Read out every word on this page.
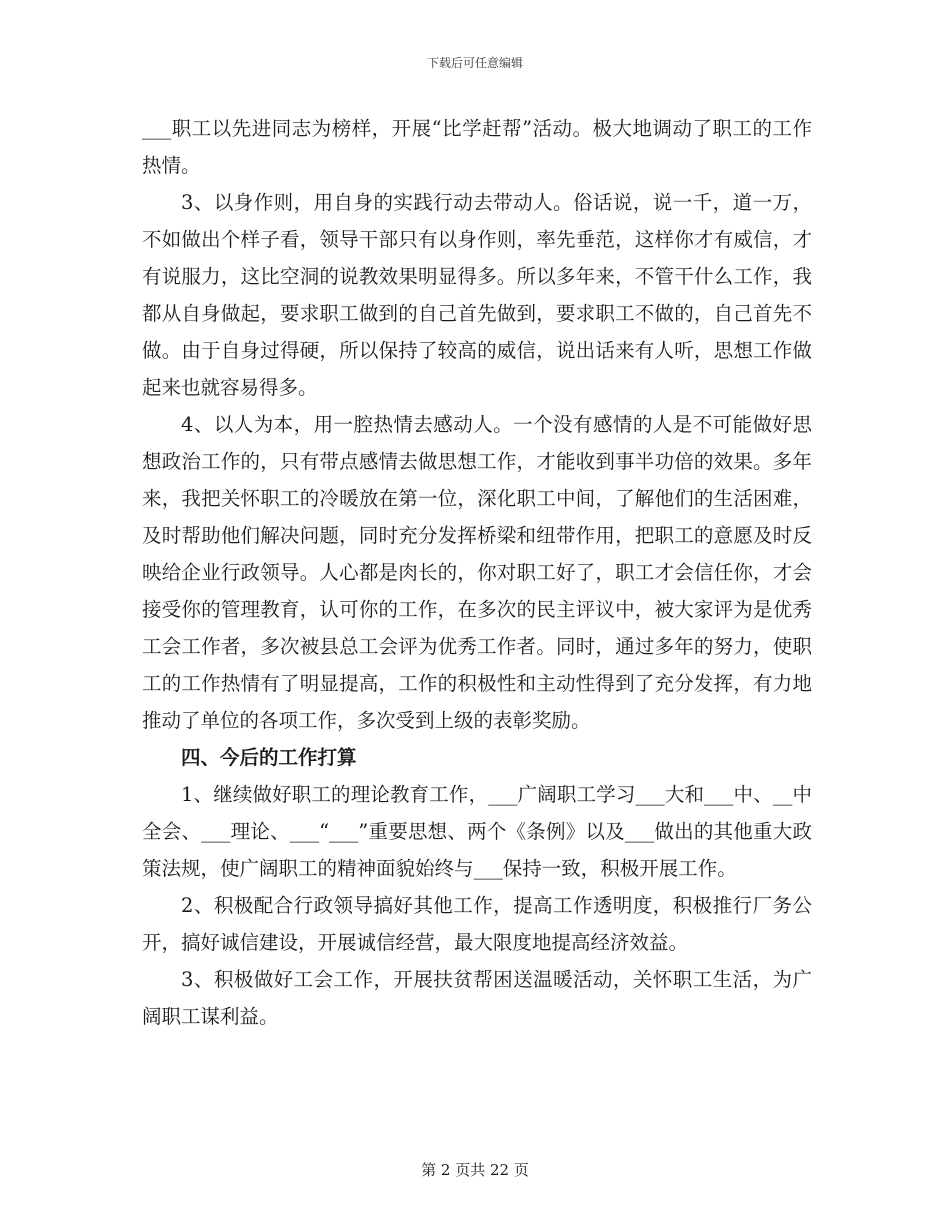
下载后可任意编辑

___职工以先进同志为榜样，开展“比学赶帮”活动。极大地调动了职工的工作热情。

3、以身作则，用自身的实践行动去带动人。俗话说，说一千，道一万，不如做出个样子看，领导干部只有以身作则，率先垂范，这样你才有威信，才有说服力，这比空洞的说教效果明显得多。所以多年来，不管干什么工作，我都从自身做起，要求职工做到的自己首先做到，要求职工不做的，自己首先不做。由于自身过得硬，所以保持了较高的威信，说出话来有人听，思想工作做起来也就容易得多。

4、以人为本，用一腔热情去感动人。一个没有感情的人是不可能做好思想政治工作的，只有带点感情去做思想工作，才能收到事半功倍的效果。多年来，我把关怀职工的冷暖放在第一位，深化职工中间，了解他们的生活困难，及时帮助他们解决问题，同时充分发挥桥梁和纽带作用，把职工的意愿及时反映给企业行政领导。人心都是肉长的，你对职工好了，职工才会信任你，才会接受你的管理教育，认可你的工作，在多次的民主评议中，被大家评为是优秀工会工作者，多次被县总工会评为优秀工作者。同时，通过多年的努力，使职工的工作热情有了明显提高，工作的积极性和主动性得到了充分发挥，有力地推动了单位的各项工作，多次受到上级的表彰奖励。

四、今后的工作打算

1、继续做好职工的理论教育工作，___广阔职工学习___大和___中、__中全会、___理论、___“___”重要思想、两个《条例》以及___做出的其他重大政策法规，使广阔职工的精神面貌始终与___保持一致，积极开展工作。

2、积极配合行政领导搞好其他工作，提高工作透明度，积极推行厂务公开，搞好诚信建设，开展诚信经营，最大限度地提高经济效益。

3、积极做好工会工作，开展扶贫帮困送温暖活动，关怀职工生活，为广阔职工谋利益。

第 2 页共 22 页
